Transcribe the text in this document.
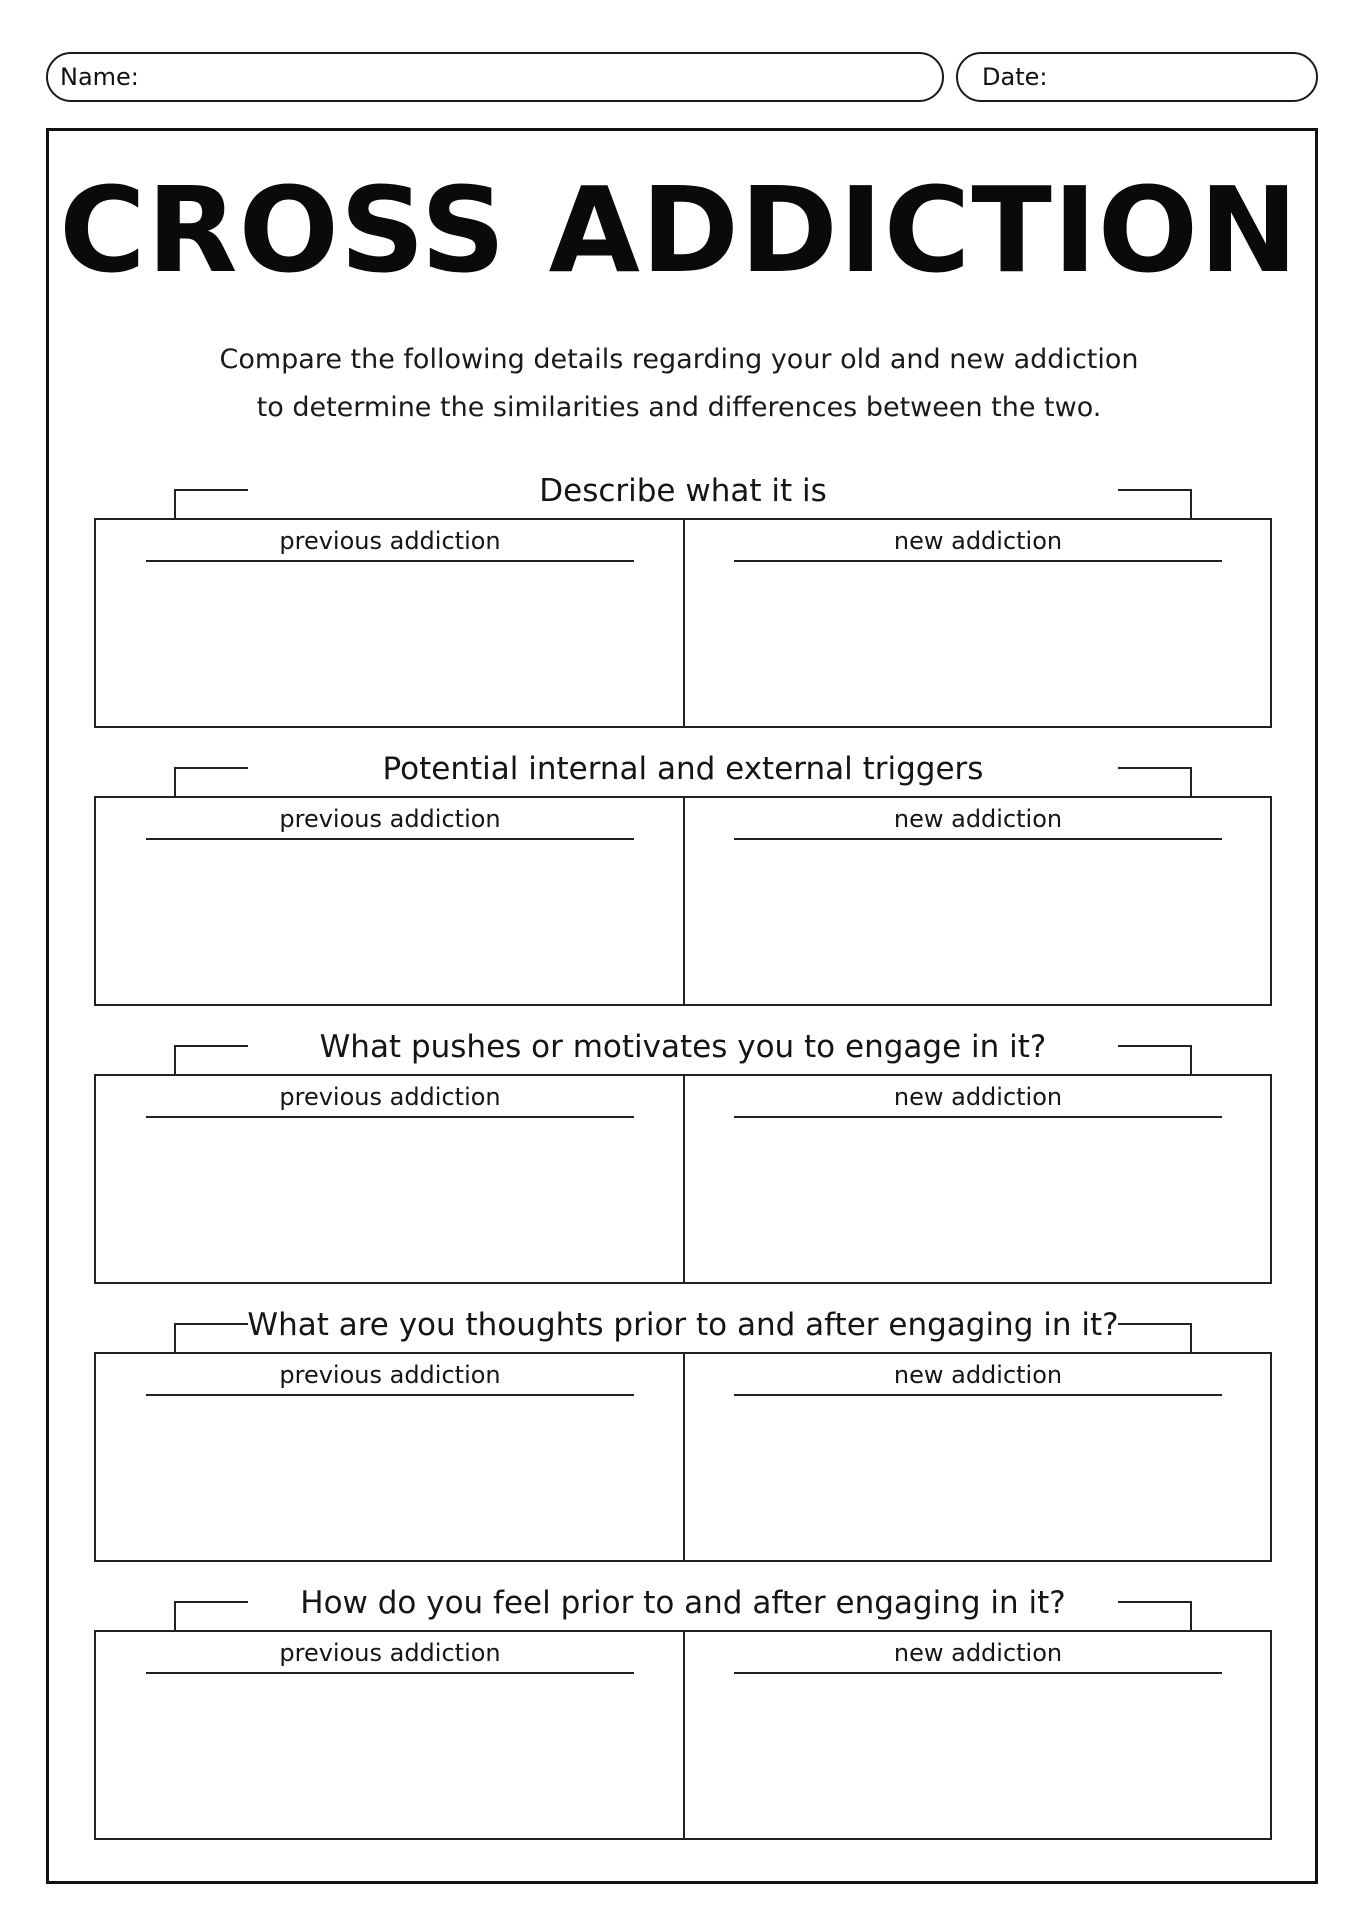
Name:	Date:
CROSS ADDICTION
Compare the following details regarding your old and new addiction
to determine the similarities and differences between the two.
Describe what it is
previous addiction	new addiction
Potential internal and external triggers
previous addiction	new addiction
What pushes or motivates you to engage in it?
previous addiction	new addiction
What are you thoughts prior to and after engaging in it?
previous addiction	new addiction
How do you feel prior to and after engaging in it?
previous addiction	new addiction
